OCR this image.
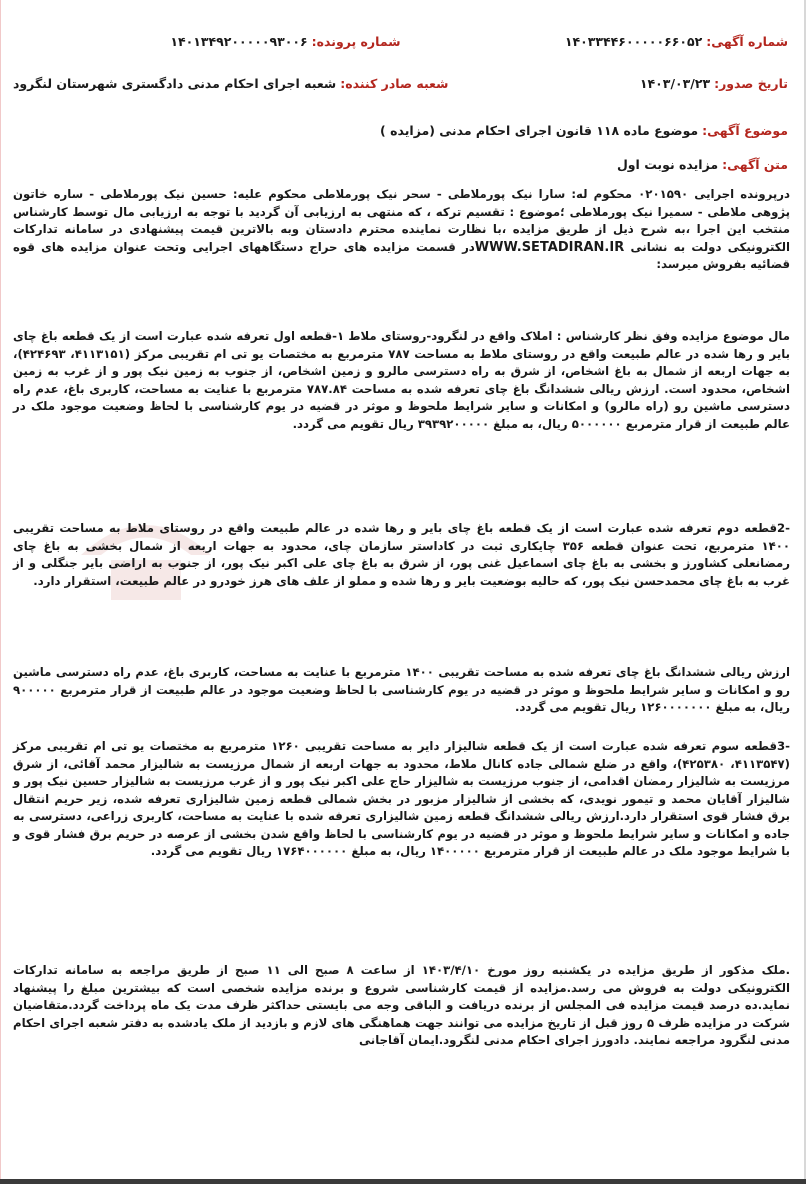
شماره آگهی:
۱۴۰۳۳۴۴۶۰۰۰۰۰۶۶۰۵۲
شماره پرونده:
۱۴۰۱۳۴۹۲۰۰۰۰۰۹۳۰۰۶
تاریخ صدور:
۱۴۰۳/۰۳/۲۳
شعبه صادر کننده:
شعبه اجرای احکام مدنی دادگستری شهرستان لنگرود
موضوع آگهی:
موضوع ماده ۱۱۸ قانون اجرای احکام مدنی (مزایده )
متن آگهی:
مزایده نوبت اول
درپرونده اجرایی ۰۲۰۱۵۹۰ محکوم له: سارا نیک پورملاطی - سحر نیک پورملاطی محکوم علیه: حسین نیک پورملاطی - ساره خاتون پژوهی ملاطی - سمیرا نیک پورملاطی ؛موضوع : تقسیم ترکه ، که منتهی به ارزیابی آن گردید با توجه به ارزیابی مال توسط کارشناس منتخب این اجرا ،به شرح ذیل از طریق مزایده ،با نظارت نماینده محترم دادستان وبه بالاترین قیمت پیشنهادی در سامانه تدارکات الکترونیکی دولت به نشانی WWW.SETADIRAN.IRدر قسمت مزایده های حراج دستگاههای اجرایی وتحت عنوان مزایده های قوه قضائیه بفروش میرسد:
مال موضوع مزایده وفق نظر کارشناس : املاک واقع در لنگرود-روستای ملاط ۱-قطعه اول تعرفه شده عبارت است از یک قطعه باغ چای بایر و رها شده در عالم طبیعت واقع در روستای ملاط به مساحت ۷۸۷ مترمربع به مختصات یو تی ام تقریبی مرکز (۴۱۱۳۱۵۱، ۴۲۴۶۹۳)، به جهات اربعه از شمال به باغ اشخاص، از شرق به راه دسترسی مالرو و زمین اشخاص، از جنوب به زمین نیک پور و از غرب به زمین اشخاص، محدود است. ارزش ریالی ششدانگ باغ چای تعرفه شده به مساحت ۷۸۷.۸۴ مترمربع با عنایت به مساحت، کاربری باغ، عدم راه دسترسی ماشین رو (راه مالرو) و امکانات و سایر شرایط ملحوظ و موثر در قضیه در یوم کارشناسی با لحاظ وضعیت موجود ملک در عالم طبیعت از قرار مترمربع ۵۰۰۰۰۰۰ ریال، به مبلغ ۳۹۳۹۲۰۰۰۰۰ ریال تقویم می گردد.
-2قطعه دوم تعرفه شده عبارت است از یک قطعه باغ چای بایر و رها شده در عالم طبیعت واقع در روستای ملاط به مساحت تقریبی ۱۴۰۰ مترمربع، تحت عنوان قطعه ۳۵۶ چایکاری ثبت در کاداستر سازمان چای، محدود به جهات اربعه از شمال بخشی به باغ چای رمضانعلی کشاورز و بخشی به باغ چای اسماعیل غنی پور، از شرق به باغ چای علی اکبر نیک پور، از جنوب به اراضی بایر جنگلی و از غرب به باغ چای محمدحسن نیک پور، که حالیه بوضعیت بایر و رها شده و مملو از علف های هرز خودرو در عالم طبیعت، استقرار دارد.
ارزش ریالی ششدانگ باغ چای تعرفه شده به مساحت تقریبی ۱۴۰۰ مترمربع با عنایت به مساحت، کاربری باغ، عدم راه دسترسی ماشین رو و امکانات و سایر شرایط ملحوظ و موثر در قضیه در یوم کارشناسی با لحاظ وضعیت موجود در عالم طبیعت از قرار مترمربع ۹۰۰۰۰۰ ریال، به مبلغ ۱۲۶۰۰۰۰۰۰۰ ریال تقویم می گردد.
-3قطعه سوم تعرفه شده عبارت است از یک قطعه شالیزار دایر به مساحت تقریبی ۱۲۶۰ مترمربع به مختصات یو تی ام تقریبی مرکز (۴۱۱۳۵۴۷، ۴۲۵۳۸۰)، واقع در ضلع شمالی جاده کانال ملاط، محدود به جهات اربعه از شمال مرزیست به شالیزار محمد آقائی، از شرق مرزیست به شالیزار رمضان اقدامی، از جنوب مرزیست به شالیزار حاج علی اکبر نیک پور و از غرب مرزیست به شالیزار حسین نیک پور و شالیزار آقایان محمد و تیمور نویدی، که بخشی از شالیزار مزبور در بخش شمالی قطعه زمین شالیزاری تعرفه شده، زیر حریم انتقال برق فشار قوی استقرار دارد.ارزش ریالی ششدانگ قطعه زمین شالیزاری تعرفه شده با عنایت به مساحت، کاربری زراعی، دسترسی به جاده و امکانات و سایر شرایط ملحوظ و موثر در قضیه در یوم کارشناسی با لحاظ واقع شدن بخشی از عرصه در حریم برق فشار قوی و با شرایط موجود ملک در عالم طبیعت از قرار مترمربع ۱۴۰۰۰۰۰ ریال، به مبلغ ۱۷۶۴۰۰۰۰۰۰ ریال تقویم می گردد.
.ملک مذکور از طریق مزایده در یکشنبه روز مورخ ۱۴۰۳/۴/۱۰ از ساعت ۸ صبح الی ۱۱ صبح از طریق مراجعه به سامانه تدارکات الکترونیکی دولت به فروش می رسد.مزایده از قیمت کارشناسی شروع و برنده مزایده شخصی است که بیشترین مبلغ را پیشنهاد نماید.ده درصد قیمت مزایده فی المجلس از برنده دریافت و الباقی وجه می بایستی حداکثر ظرف مدت یک ماه پرداخت گردد.متقاضیان شرکت در مزایده ظرف ۵ روز قبل از تاریخ مزایده می توانند جهت هماهنگی های لازم و بازدید از ملک یادشده به دفتر شعبه اجرای احکام مدنی لنگرود مراجعه نمایند. دادورز اجرای احکام مدنی لنگرود.ایمان آقاجانی
